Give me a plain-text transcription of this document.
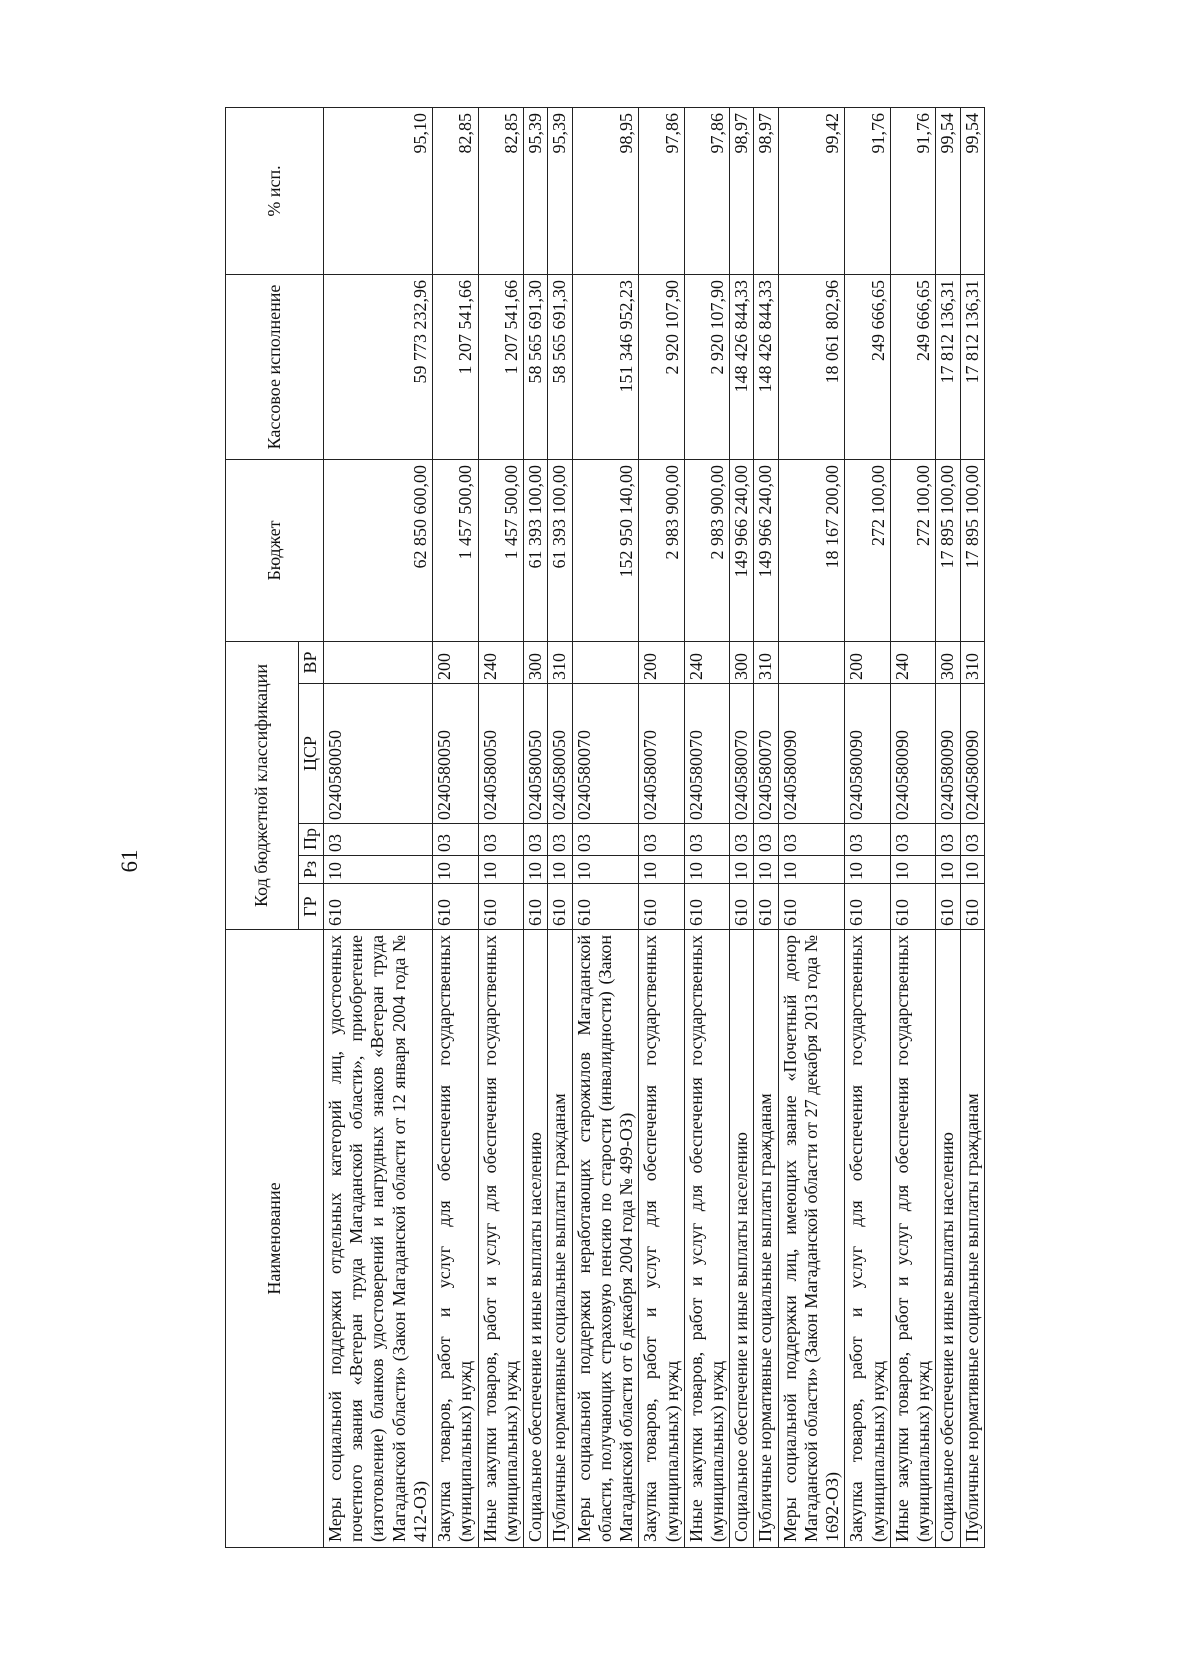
61
Наименование	Код бюджетной классификации					Бюджет	Кассовое исполнение	% исп.
	ГР	Рз	Пр	ЦСР	ВР			
Меры социальной поддержки отдельных категорий лиц, удостоенных почетного звания «Ветеран труда Магаданской области», приобретение (изготовление) бланков удостоверений и нагрудных знаков «Ветеран труда Магаданской области» (Закон Магаданской области от 12 января 2004 года № 412-ОЗ)	610	10	03	0240580050		62 850 600,00	59 773 232,96	95,10
Закупка товаров, работ и услуг для обеспечения государственных (муниципальных) нужд	610	10	03	0240580050	200	1 457 500,00	1 207 541,66	82,85
Иные закупки товаров, работ и услуг для обеспечения государственных (муниципальных) нужд	610	10	03	0240580050	240	1 457 500,00	1 207 541,66	82,85
Социальное обеспечение и иные выплаты населению	610	10	03	0240580050	300	61 393 100,00	58 565 691,30	95,39
Публичные нормативные социальные выплаты гражданам	610	10	03	0240580050	310	61 393 100,00	58 565 691,30	95,39
Меры социальной поддержки неработающих старожилов Магаданской области, получающих страховую пенсию по старости (инвалидности) (Закон Магаданской области от 6 декабря 2004 года № 499-ОЗ)	610	10	03	0240580070		152 950 140,00	151 346 952,23	98,95
Закупка товаров, работ и услуг для обеспечения государственных (муниципальных) нужд	610	10	03	0240580070	200	2 983 900,00	2 920 107,90	97,86
Иные закупки товаров, работ и услуг для обеспечения государственных (муниципальных) нужд	610	10	03	0240580070	240	2 983 900,00	2 920 107,90	97,86
Социальное обеспечение и иные выплаты населению	610	10	03	0240580070	300	149 966 240,00	148 426 844,33	98,97
Публичные нормативные социальные выплаты гражданам	610	10	03	0240580070	310	149 966 240,00	148 426 844,33	98,97
Меры социальной поддержки лиц, имеющих звание «Почетный донор Магаданской области» (Закон Магаданской области от 27 декабря 2013 года № 1692-ОЗ)	610	10	03	0240580090		18 167 200,00	18 061 802,96	99,42
Закупка товаров, работ и услуг для обеспечения государственных (муниципальных) нужд	610	10	03	0240580090	200	272 100,00	249 666,65	91,76
Иные закупки товаров, работ и услуг для обеспечения государственных (муниципальных) нужд	610	10	03	0240580090	240	272 100,00	249 666,65	91,76
Социальное обеспечение и иные выплаты населению	610	10	03	0240580090	300	17 895 100,00	17 812 136,31	99,54
Публичные нормативные социальные выплаты гражданам	610	10	03	0240580090	310	17 895 100,00	17 812 136,31	99,54
